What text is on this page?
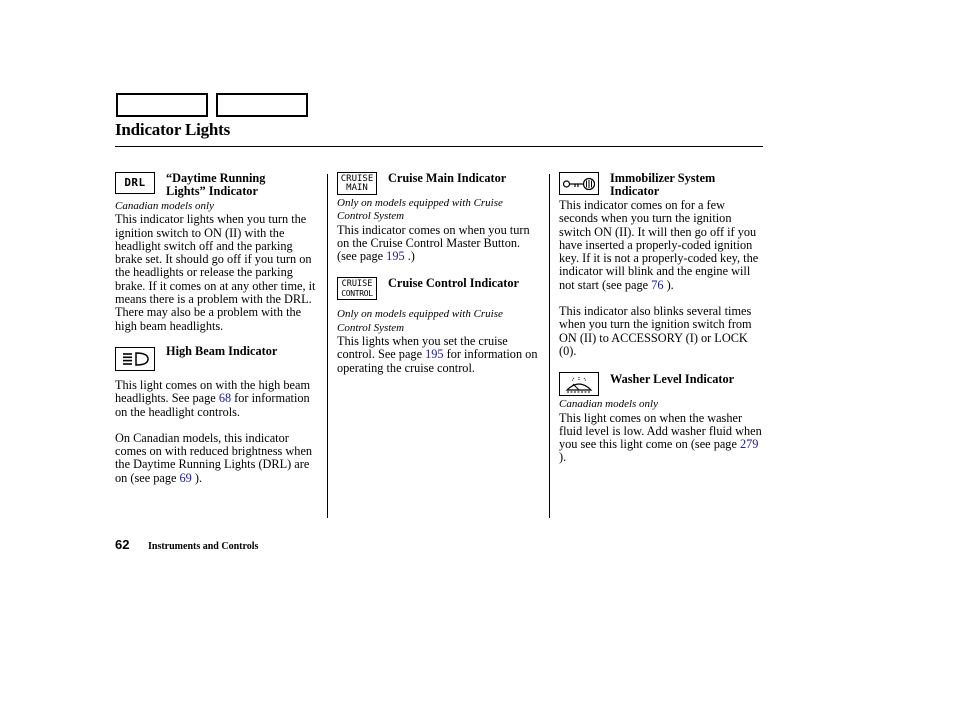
Indicator Lights
DRL “Daytime Running
Lights” Indicator
Canadian models only

This indicator lights when you turn the ignition switch to ON (II) with the headlight switch off and the parking brake set. It should go off if you turn on the headlights or release the parking brake. If it comes on at any other time, it means there is a problem with the DRL. There may also be a problem with the high beam headlights.

High Beam Indicator

This light comes on with the high beam headlights. See page 68 for information on the headlight controls.

On Canadian models, this indicator comes on with reduced brightness when the Daytime Running Lights (DRL) are on (see page 69 ).

CRUISE
MAIN
Cruise Main Indicator
Only on models equipped with Cruise Control System

This indicator comes on when you turn on the Cruise Control Master Button. (see page 195 .)

CRUISE
CONTROL
Cruise Control Indicator
Only on models equipped with Cruise Control System

This lights when you set the cruise control. See page 195 for information on operating the cruise control.

Immobilizer System
Indicator

This indicator comes on for a few seconds when you turn the ignition switch ON (II). It will then go off if you have inserted a properly-coded ignition key. If it is not a properly-coded key, the indicator will blink and the engine will not start (see page 76 ).

This indicator also blinks several times when you turn the ignition switch from ON (II) to ACCESSORY (I) or LOCK (0).

Washer Level Indicator
Canadian models only

This light comes on when the washer fluid level is low. Add washer fluid when you see this light come on (see page 279 ).

62 Instruments and Controls
